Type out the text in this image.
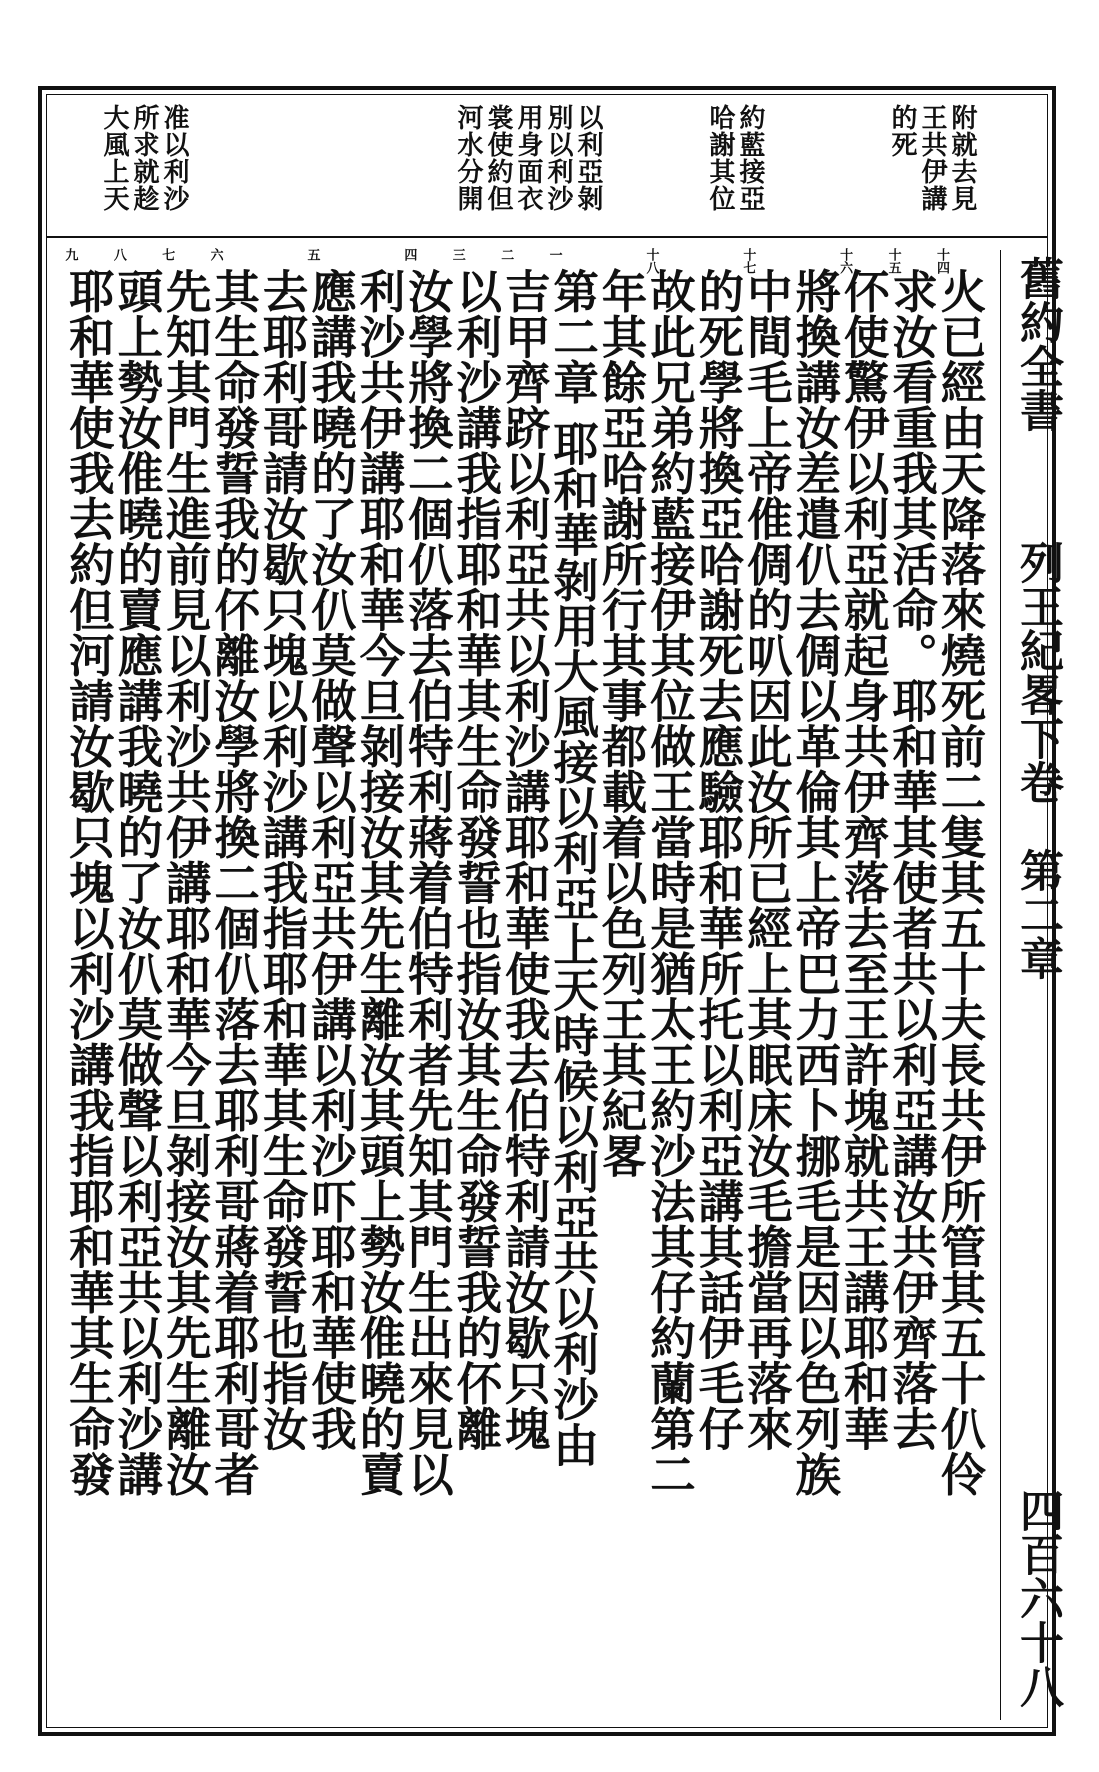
附就去見
王共伊講
的死
約藍接亞
哈謝其位
以利亞剝
別以利沙
用身面衣
裳使約但
河水分開
准以利沙
所求就趁
大風上天
舊約全書
列王紀畧下卷　第二章
四百六十八
十四
火已經由天降落來燒死前二隻其五十夫長共伊所管其五十仈伶
十五
求汝看重我其活命。耶和華其使者共以利亞講汝共伊齊落去
十六
伓使驚伊以利亞就起身共伊齊落去至王許塊就共王講耶和華
將換講汝差遣仈去倜以革倫其上帝巴力西卜挪毛是因以色列族
十七
中間毛上帝倠倜的叭因此汝所已經上其眠床汝毛擔當再落來
的死學將換亞哈謝死去應驗耶和華所托以利亞講其話伊毛仔
十八
故此兄弟約藍接伊其位做王當時是猶太王約沙法其仔約蘭第二
年其餘亞哈謝所行其事都載着以色列王其紀畧
一
第二章 耶和華剝用大風接以利亞上天時候以利亞共以利沙由
二
吉甲齊跻以利亞共以利沙講耶和華使我去伯特利請汝歇只塊
三
以利沙講我指耶和華其生命發誓也指汝其生命發誓我的伓離
四
汝學將換二個仈落去伯特利蔣着伯特利者先知其門生出來見以
利沙共伊講耶和華今旦剝接汝其先生離汝其頭上勢汝倠曉的賣
五
應講我曉的了汝仈莫做聲以利亞共伊講以利沙吓耶和華使我
去耶利哥請汝歇只塊以利沙講我指耶和華其生命發誓也指汝
六
其生命發誓我的伓離汝學將換二個仈落去耶利哥蔣着耶利哥者
七
先知其門生進前見以利沙共伊講耶和華今旦剝接汝其先生離汝
八
頭上勢汝倠曉的賣應講我曉的了汝仈莫做聲以利亞共以利沙講
九
耶和華使我去約但河請汝歇只塊以利沙講我指耶和華其生命發
